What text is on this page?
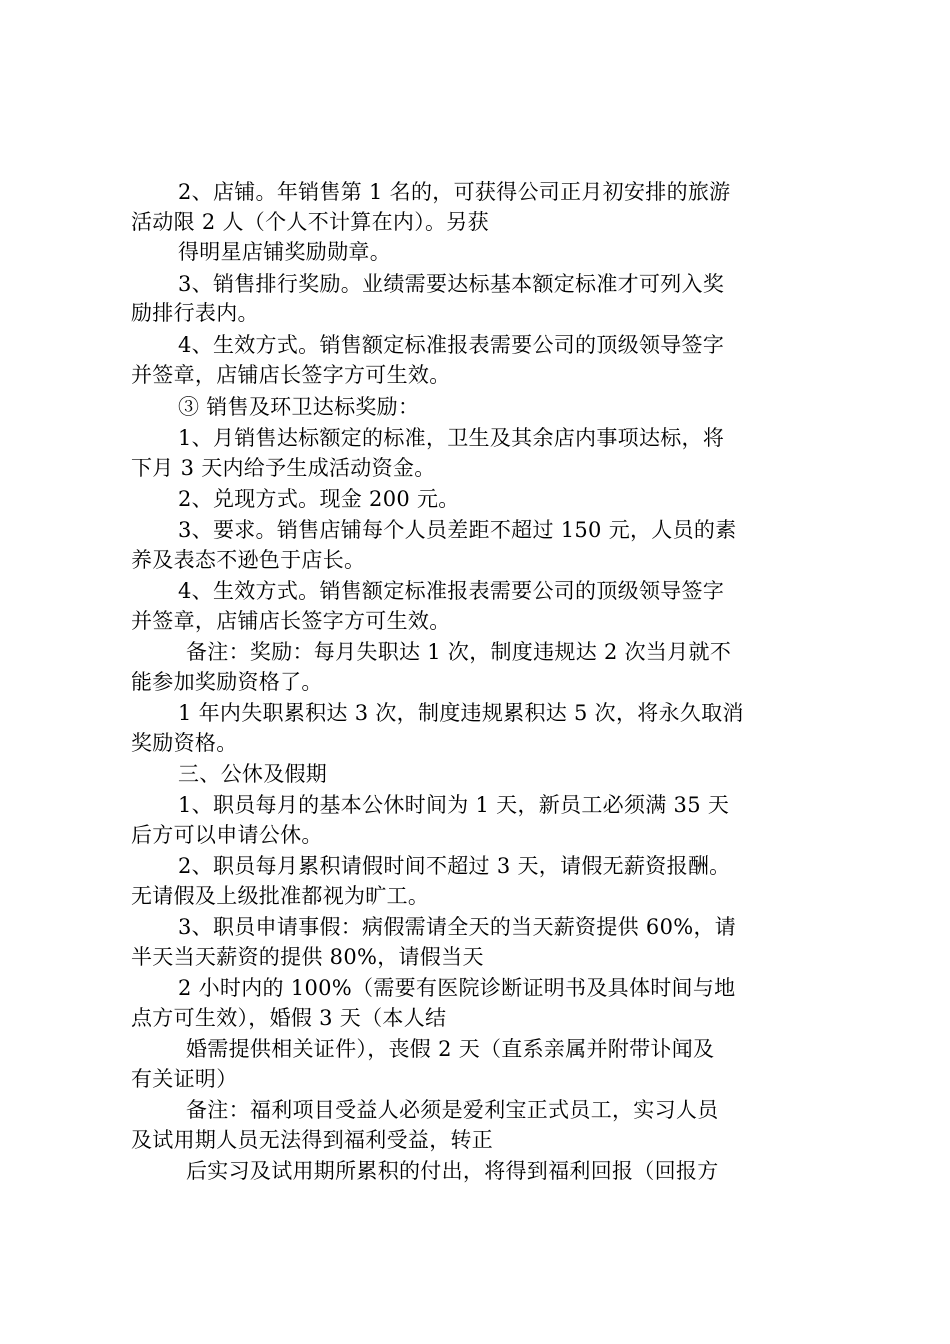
2、店铺。年销售第 1 名的，可获得公司正月初安排的旅游
活动限 2 人（个人不计算在内）。另获
得明星店铺奖励勋章。
3、销售排行奖励。业绩需要达标基本额定标准才可列入奖
励排行表内。
4、生效方式。销售额定标准报表需要公司的顶级领导签字
并签章，店铺店长签字方可生效。
③ 销售及环卫达标奖励：
1、月销售达标额定的标准，卫生及其余店内事项达标，将
下月 3 天内给予生成活动资金。
2、兑现方式。现金 200 元。
3、要求。销售店铺每个人员差距不超过 150 元，人员的素
养及表态不逊色于店长。
4、生效方式。销售额定标准报表需要公司的顶级领导签字
并签章，店铺店长签字方可生效。
备注：奖励：每月失职达 1 次，制度违规达 2 次当月就不
能参加奖励资格了。
1 年内失职累积达 3 次，制度违规累积达 5 次，将永久取消
奖励资格。
三、公休及假期
1、职员每月的基本公休时间为 1 天，新员工必须满 35 天
后方可以申请公休。
2、职员每月累积请假时间不超过 3 天，请假无薪资报酬。
无请假及上级批准都视为旷工。
3、职员申请事假：病假需请全天的当天薪资提供 60%，请
半天当天薪资的提供 80%，请假当天
2 小时内的 100%（需要有医院诊断证明书及具体时间与地
点方可生效），婚假 3 天（本人结
婚需提供相关证件），丧假 2 天（直系亲属并附带讣闻及
有关证明）
备注：福利项目受益人必须是爱利宝正式员工，实习人员
及试用期人员无法得到福利受益，转正
后实习及试用期所累积的付出，将得到福利回报（回报方
